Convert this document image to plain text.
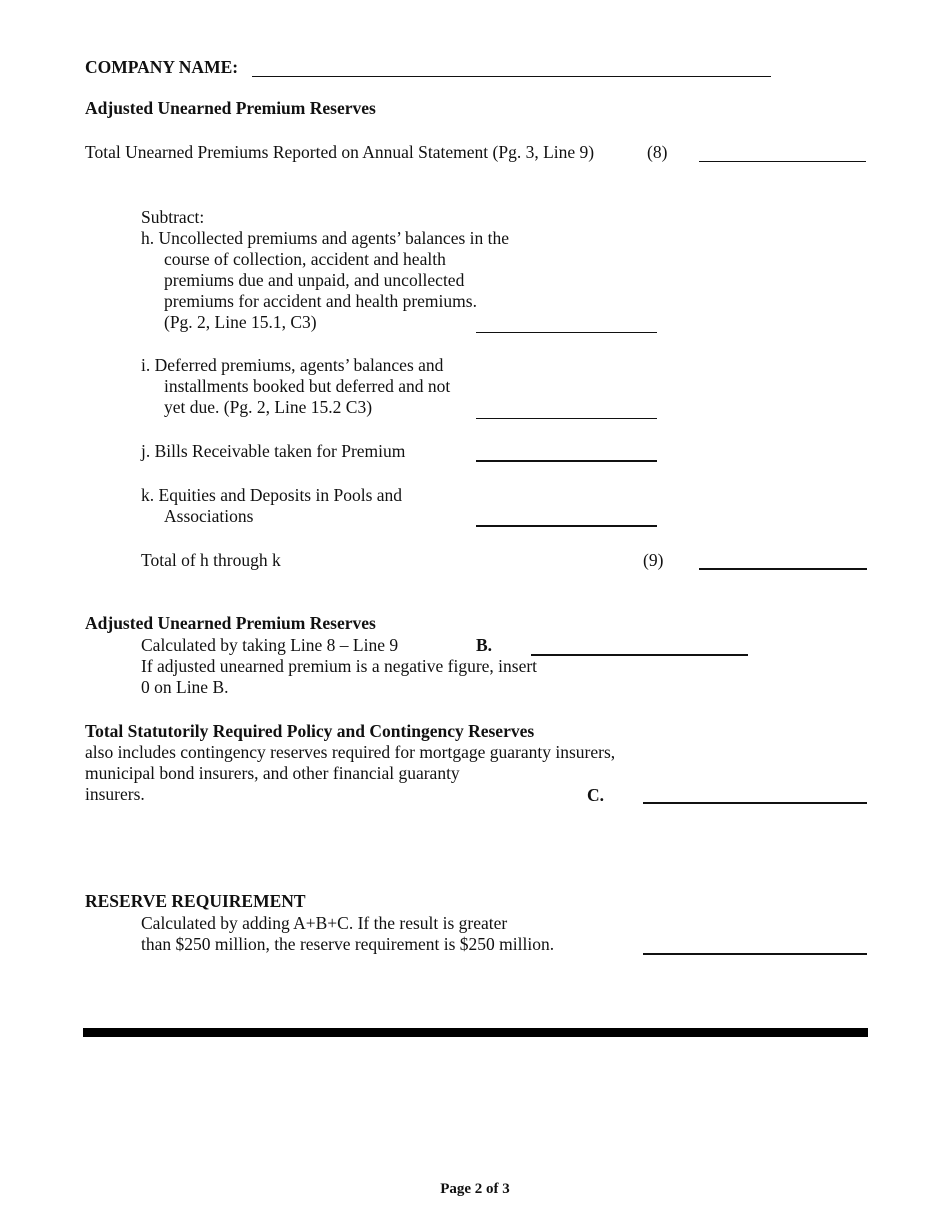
COMPANY NAME:
Adjusted Unearned Premium Reserves
Total Unearned Premiums Reported on Annual Statement (Pg. 3, Line 9)	(8)
Subtract:
h. Uncollected premiums and agents’ balances in the
course of collection, accident and health
premiums due and unpaid, and uncollected
premiums for accident and health premiums.
(Pg. 2, Line 15.1, C3)
i. Deferred premiums, agents’ balances and
installments booked but deferred and not
yet due. (Pg. 2, Line 15.2 C3)
j. Bills Receivable taken for Premium
k. Equities and Deposits in Pools and
Associations
Total of h through k	(9)
Adjusted Unearned Premium Reserves
Calculated by taking Line 8 – Line 9	B.
If adjusted unearned premium is a negative figure, insert
0 on Line B.
Total Statutorily Required Policy and Contingency Reserves
also includes contingency reserves required for mortgage guaranty insurers,
municipal bond insurers, and other financial guaranty
insurers.	C.
RESERVE REQUIREMENT
Calculated by adding A+B+C. If the result is greater
than $250 million, the reserve requirement is $250 million.
Page 2 of 3
